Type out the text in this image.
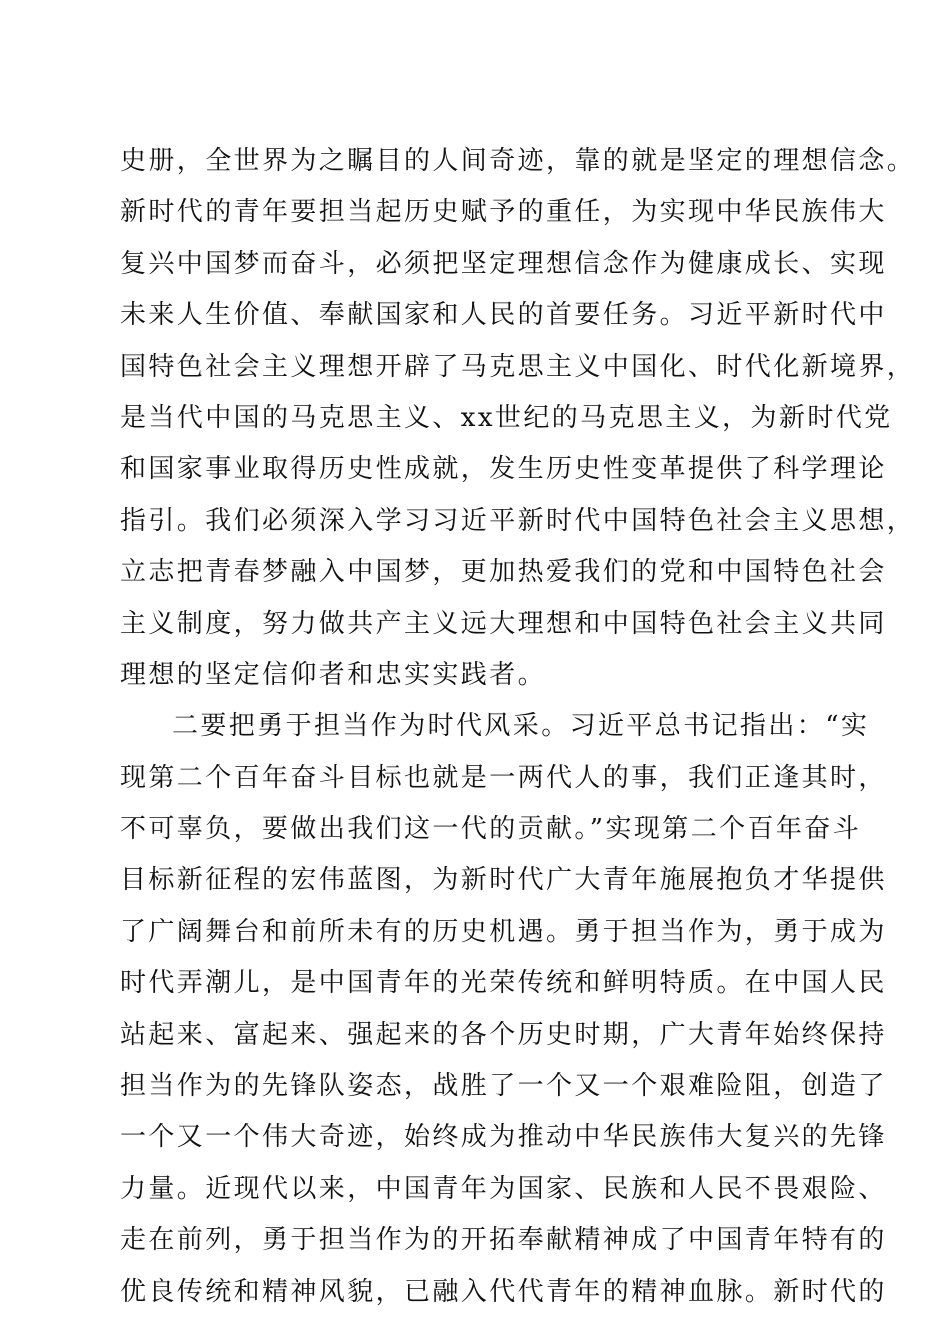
史册，全世界为之瞩目的人间奇迹，靠的就是坚定的理想信念。
新时代的青年要担当起历史赋予的重任，为实现中华民族伟大
复兴中国梦而奋斗，必须把坚定理想信念作为健康成长、实现
未来人生价值、奉献国家和人民的首要任务。习近平新时代中
国特色社会主义理想开辟了马克思主义中国化、时代化新境界，
是当代中国的马克思主义、xx世纪的马克思主义，为新时代党
和国家事业取得历史性成就，发生历史性变革提供了科学理论
指引。我们必须深入学习习近平新时代中国特色社会主义思想，
立志把青春梦融入中国梦，更加热爱我们的党和中国特色社会
主义制度，努力做共产主义远大理想和中国特色社会主义共同
理想的坚定信仰者和忠实实践者。
二要把勇于担当作为时代风采。习近平总书记指出：“实
现第二个百年奋斗目标也就是一两代人的事，我们正逢其时，
不可辜负，要做出我们这一代的贡献。”实现第二个百年奋斗
目标新征程的宏伟蓝图，为新时代广大青年施展抱负才华提供
了广阔舞台和前所未有的历史机遇。勇于担当作为，勇于成为
时代弄潮儿，是中国青年的光荣传统和鲜明特质。在中国人民
站起来、富起来、强起来的各个历史时期，广大青年始终保持
担当作为的先锋队姿态，战胜了一个又一个艰难险阻，创造了
一个又一个伟大奇迹，始终成为推动中华民族伟大复兴的先锋
力量。近现代以来，中国青年为国家、民族和人民不畏艰险、
走在前列，勇于担当作为的开拓奉献精神成了中国青年特有的
优良传统和精神风貌，已融入代代青年的精神血脉。新时代的
